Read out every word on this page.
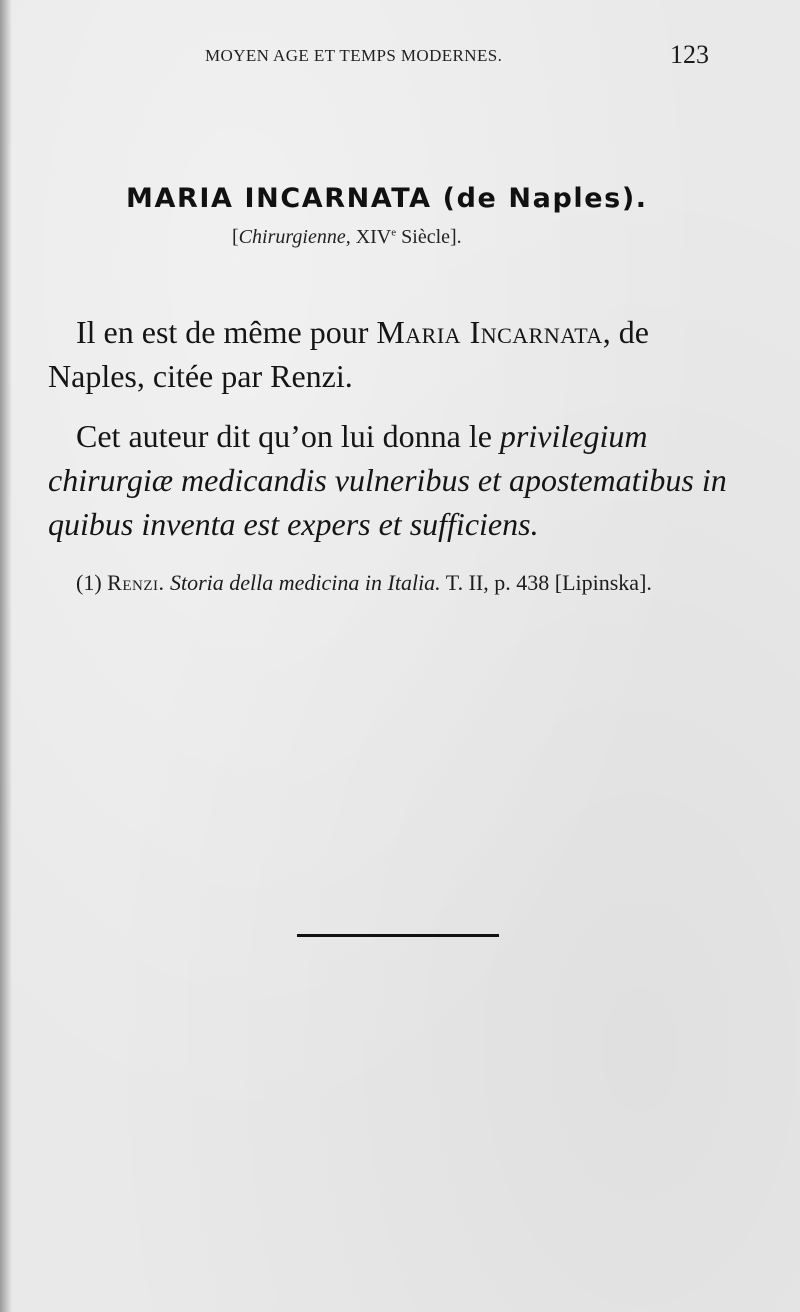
MOYEN AGE ET TEMPS MODERNES.	123
MARIA INCARNATA (de Naples).
[Chirurgienne, XIVe Siècle].

Il en est de même pour Maria Incarnata, de Naples, citée par Renzi.

Cet auteur dit qu’on lui donna le privilegium chirurgiæ medicandis vulneribus et apostematibus in quibus inventa est expers et sufficiens.

(1) Renzi. Storia della medicina in Italia. T. II, p. 438 [Lipinska].
